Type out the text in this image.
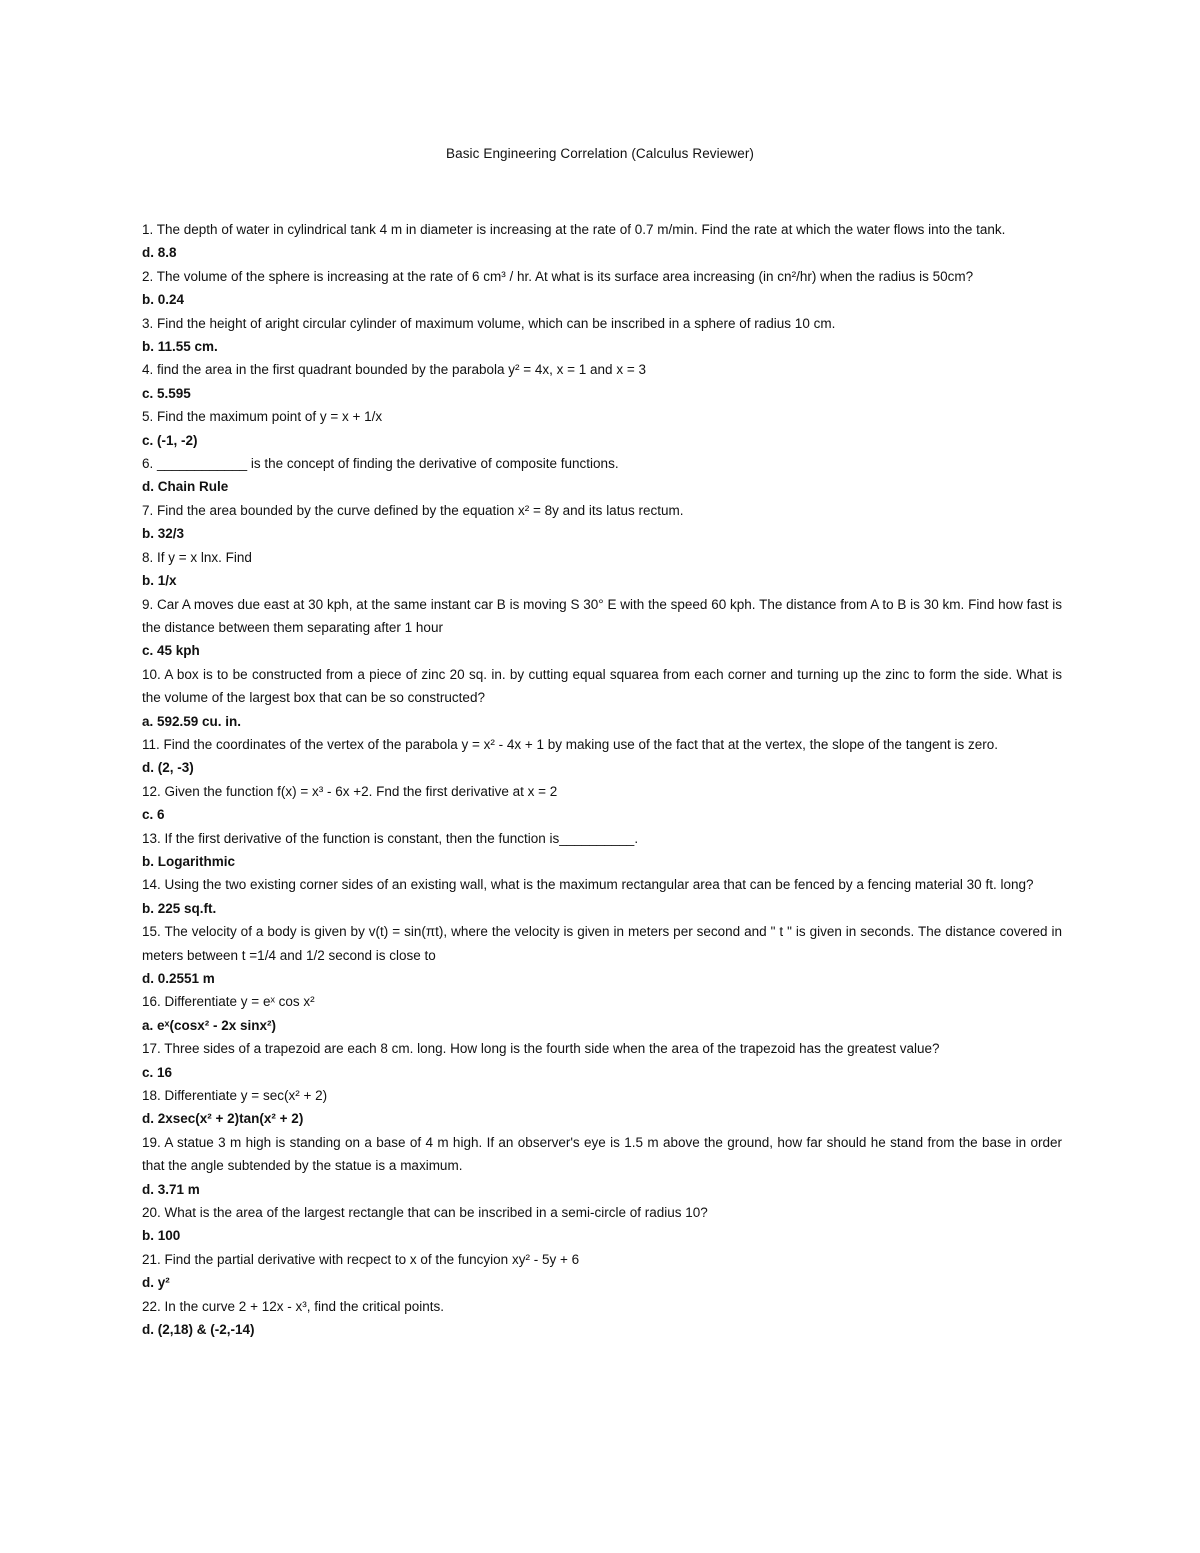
Basic Engineering Correlation (Calculus Reviewer)
1. The depth of water in cylindrical tank 4 m in diameter is increasing at the rate of 0.7 m/min. Find the rate at which the water flows into the tank.
d. 8.8
2. The volume of the sphere is increasing at the rate of 6 cm³ / hr. At what is its surface area increasing (in cn²/hr) when the radius is 50cm?
b. 0.24
3. Find the height of aright circular cylinder of maximum volume, which can be inscribed in a sphere of radius 10 cm.
b. 11.55 cm.
4. find the area in the first quadrant bounded by the parabola y² = 4x, x = 1 and x = 3
c. 5.595
5. Find the maximum point of y = x + 1/x
c. (-1, -2)
6. ____________ is the concept of finding the derivative of composite functions.
d. Chain Rule
7. Find the area bounded by the curve defined by the equation x² = 8y and its latus rectum.
b. 32/3
8. If y = x lnx. Find
b. 1/x
9. Car A moves due east at 30 kph, at the same instant car B is moving S 30° E with the speed 60 kph. The distance from A to B is 30 km. Find how fast is the distance between them separating after 1 hour
c. 45 kph
10. A box is to be constructed from a piece of zinc 20 sq. in. by cutting equal squarea from each corner and turning up the zinc to form the side. What is the volume of the largest box that can be so constructed?
a. 592.59 cu. in.
11. Find the coordinates of the vertex of the parabola y = x² - 4x + 1 by making use of the fact that at the vertex, the slope of the tangent is zero.
d. (2, -3)
12. Given the function f(x) = x³ - 6x +2. Fnd the first derivative at x = 2
c. 6
13. If the first derivative of the function is constant, then the function is__________.
b. Logarithmic
14. Using the two existing corner sides of an existing wall, what is the maximum rectangular area that can be fenced by a fencing material 30 ft. long?
b. 225 sq.ft.
15. The velocity of a body is given by v(t) = sin(πt), where the velocity is given in meters per second and " t " is given in seconds. The distance covered in meters between t =1/4 and 1/2 second is close to
d. 0.2551 m
16. Differentiate y = eˣ cos x²
a. eˣ(cosx² - 2x sinx²)
17. Three sides of a trapezoid are each 8 cm. long. How long is the fourth side when the area of the trapezoid has the greatest value?
c. 16
18. Differentiate y = sec(x² + 2)
d. 2xsec(x² + 2)tan(x² + 2)
19. A statue 3 m high is standing on a base of 4 m high. If an observer's eye is 1.5 m above the ground, how far should he stand from the base in order that the angle subtended by the statue is a maximum.
d. 3.71 m
20. What is the area of the largest rectangle that can be inscribed in a semi-circle of radius 10?
b. 100
21. Find the partial derivative with recpect to x of the funcyion xy² - 5y + 6
d. y²
22. In the curve 2 + 12x - x³, find the critical points.
d. (2,18) & (-2,-14)
